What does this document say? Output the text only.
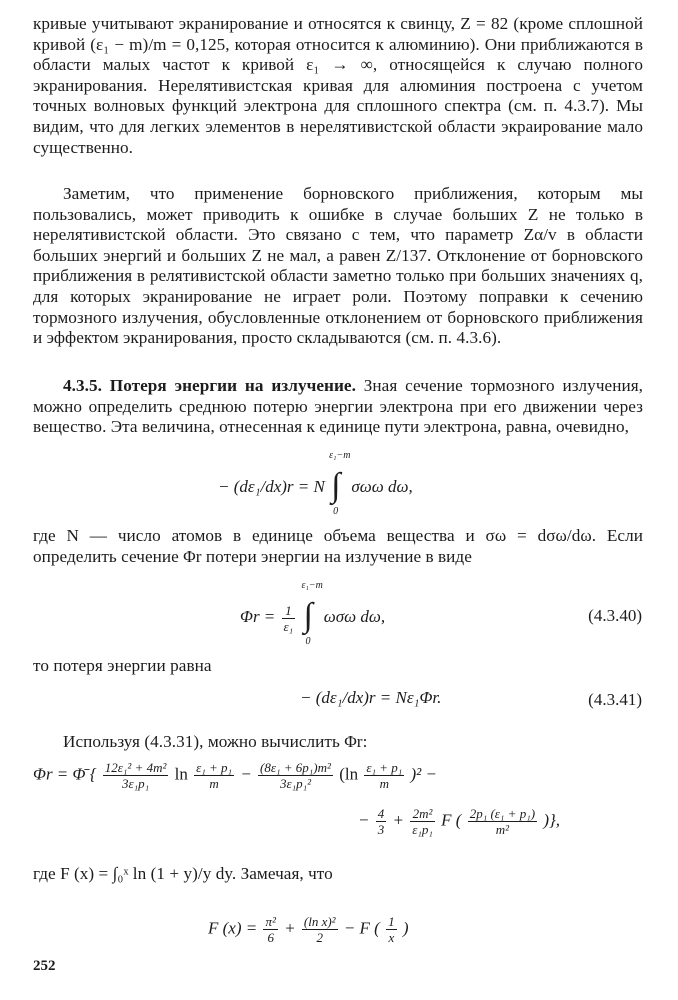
кривые учитывают экранирование и относятся к свинцу, Z = 82 (кроме сплошной кривой (ε₁ − m)/m = 0,125, которая относится к алюминию). Они приближаются в области малых частот к кривой ε₁ → ∞, относящейся к случаю полного экранирования. Нерелятивистская кривая для алюминия построена с учетом точных волновых функций электрона для сплошного спектра (см. п. 4.3.7). Мы видим, что для легких элементов в нерелятивистской области экраирование мало существенно.

Заметим, что применение борновского приближения, которым мы пользовались, может приводить к ошибке в случае больших Z не только в нерелятивистской области. Это связано с тем, что параметр Zα/v в области больших энергий и больших Z не мал, а равен Z/137. Отклонение от борновского приближения в релятивистской области заметно только при больших значениях q, для которых экранирование не играет роли. Поэтому поправки к сечению тормозного излучения, обусловленные отклонением от борновского приближения и эффектом экранирования, просто складываются (см. п. 4.3.6).

4.3.5. Потеря энергии на излучение. Зная сечение тормозного излучения, можно определить среднюю потерю энергии электрона при его движении через вещество. Эта величина, отнесенная к единице пути электрона, равна, очевидно,

− (dε₁/dx)r = N ∫
ε₁−m
0
σωω dω,

где N — число атомов в единице объема вещества и σω = dσω/dω. Если определить сечение Φr потери энергии на излучение в виде

$\Phi r = \frac{1}{\text{ε₁}}$
∫
ε₁−m
0
ωσω dω,	(4.3.40)

то потеря энергии равна

− (dε₁/dx)r = Nε₁Φr.	(4.3.41)

Используя (4.3.31), можно вычислить Φr:

Φr = Φ̄ { $\frac{\text{12ε₁² + 4m²}}{\text{3ε₁p₁}}$ $\ln \frac{\text{ε₁ + p₁}}{m} - \frac{\text{(8ε₁ + 6p₁)m²}}{\text{3ε₁p₁²}} (\ln \frac{\text{ε₁ + p₁}}{m} )^2$ −
− $\frac{4}{3} + \frac{\text{2m²}}{\text{ε₁p₁}}$ F ( $\frac{\text{2p₁ (ε₁ + p₁)}}{\text{m²}}$ )},

где F (x) = ∫₀ˣ ln (1 + y)/y dy. Замечая, что

F $(x) = \frac{\text{π²}}{6} + \frac{\text{(ln x)²}}{2} - F$ ( $\frac{1}{x}$ )
252
